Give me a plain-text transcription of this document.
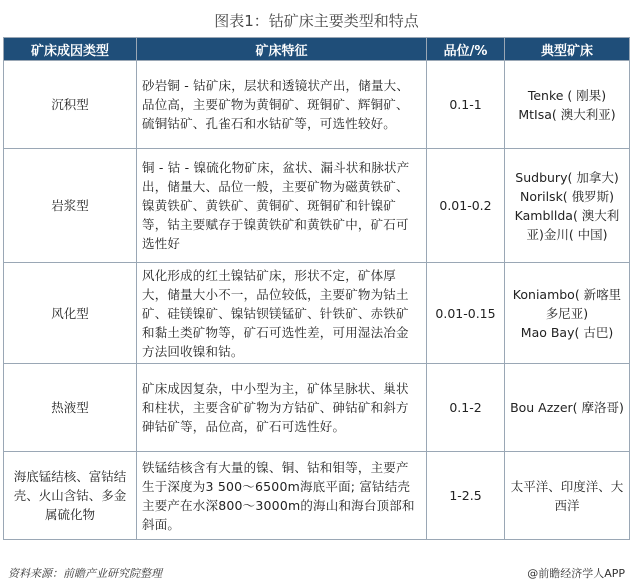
图表1：钴矿床主要类型和特点
矿床成因类型	矿床特征	品位/%	典型矿床
沉积型	砂岩铜 - 钴矿床，层状和透镜状产出，储量大、品位高，主要矿物为黄铜矿、斑铜矿、辉铜矿、硫铜钴矿、孔雀石和水钴矿等，可选性较好。	0.1-1	Tenke ( 刚果)
MtIsa( 澳大利亚)
岩浆型	铜 - 钴 - 镍硫化物矿床，盆状、漏斗状和脉状产出，储量大、品位一般，主要矿物为磁黄铁矿、镍黄铁矿、黄铁矿、黄铜矿、斑铜矿和针镍矿等，钴主要赋存于镍黄铁矿和黄铁矿中，矿石可选性好	0.01-0.2	Sudbury( 加拿大)
Norilsk( 俄罗斯)
Kambllda( 澳大利亚)金川( 中国)
风化型	风化形成的红土镍钴矿床，形状不定，矿体厚大，储量大小不一，品位较低，主要矿物为钴土矿、硅镁镍矿、镍钴钡镁锰矿、针铁矿、赤铁矿和黏土类矿物等，矿石可选性差，可用湿法冶金方法回收镍和钴。	0.01-0.15	Koniambo( 新喀里多尼亚)
Mao Bay( 古巴)
热液型	矿床成因复杂，中小型为主，矿体呈脉状、巢状和柱状，主要含矿矿物为方钴矿、砷钴矿和斜方砷钴矿等，品位高，矿石可选性好。	0.1-2	Bou Azzer( 摩洛哥)
海底锰结核、富钴结壳、火山含钴、多金属硫化物	铁锰结核含有大量的镍、铜、钴和钼等，主要产生于深度为3 500～6500m海底平面; 富钴结壳主要产在水深800～3000m的海山和海台顶部和斜面。	1-2.5	太平洋、印度洋、大西洋
资料来源：前瞻产业研究院整理	@前瞻经济学人APP
